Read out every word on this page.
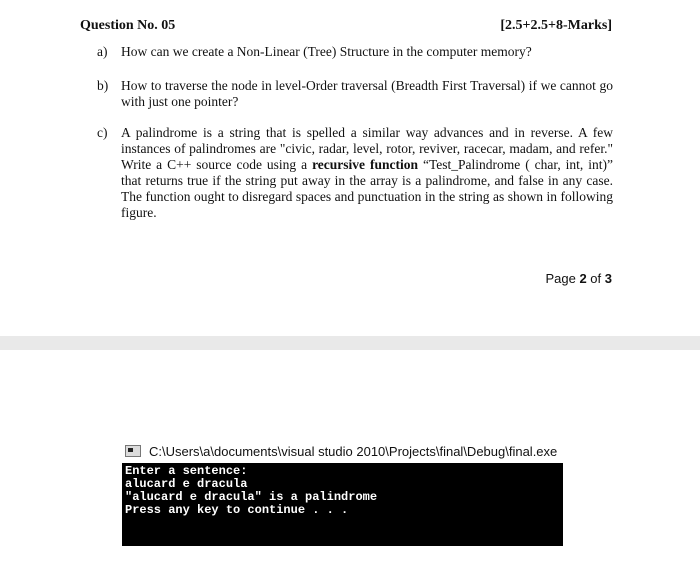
Question No. 05	[2.5+2.5+8-Marks]
a) How can we create a Non-Linear (Tree) Structure in the computer memory?
b) How to traverse the node in level-Order traversal (Breadth First Traversal) if we cannot go with just one pointer?
c) A palindrome is a string that is spelled a similar way advances and in reverse. A few instances of palindromes are "civic, radar, level, rotor, reviver, racecar, madam, and refer." Write a C++ source code using a recursive function “Test_Palindrome ( char, int, int)” that returns true if the string put away in the array is a palindrome, and false in any case. The function ought to disregard spaces and punctuation in the string as shown in following figure.
Page 2 of 3
C:\Users\a\documents\visual studio 2010\Projects\final\Debug\final.exe
Enter a sentence:
alucard e dracula
"alucard e dracula" is a palindrome
Press any key to continue . . .
